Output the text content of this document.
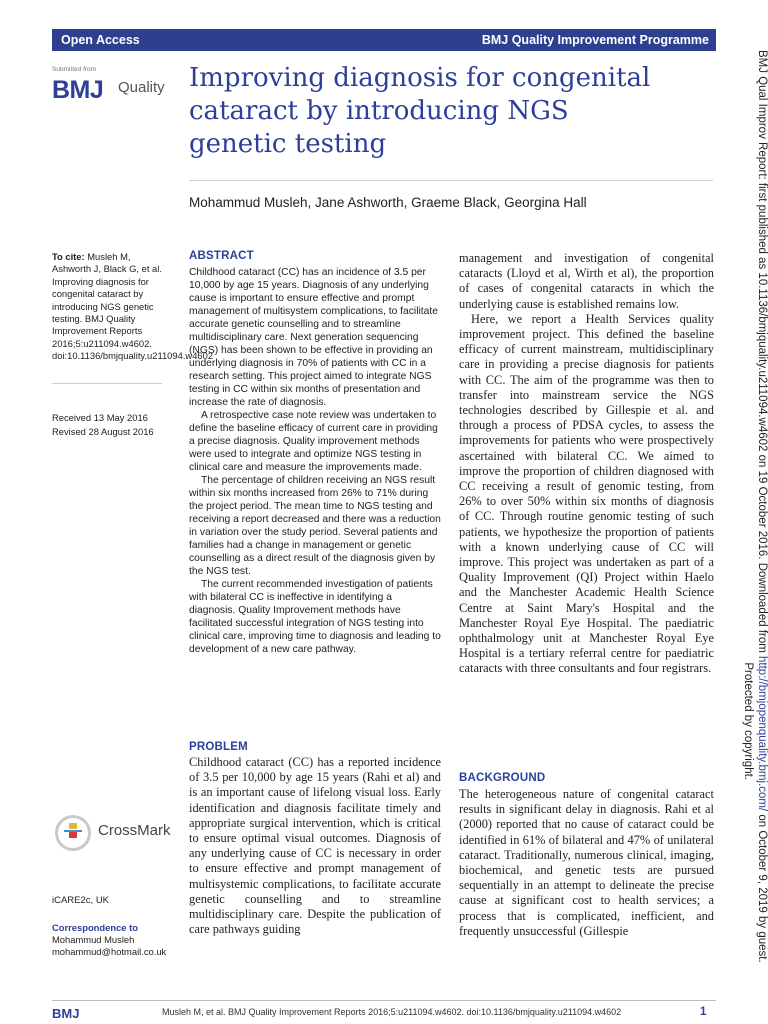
Open Access	BMJ Quality Improvement Programme
Submitted from
BMJ Quality Improving diagnosis for congenital cataract by introducing NGS genetic testing
Mohammud Musleh, Jane Ashworth, Graeme Black, Georgina Hall
To cite: Musleh M, Ashworth J, Black G, et al. Improving diagnosis for congenital cataract by introducing NGS genetic testing. BMJ Quality Improvement Reports 2016;5:u211094.w4602. doi:10.1136/bmjquality.u211094.w4602
Received 13 May 2016
Revised 28 August 2016
CrossMark
iCARE2c, UK
Correspondence to
Mohammud Musleh
mohammud@hotmail.co.uk
ABSTRACT

Childhood cataract (CC) has an incidence of 3.5 per 10,000 by age 15 years. Diagnosis of any underlying cause is important to ensure effective and prompt management of multisystem complications, to facilitate accurate genetic counselling and to streamline multidisciplinary care. Next generation sequencing (NGS) has been shown to be effective in providing an underlying diagnosis in 70% of patients with CC in a research setting. This project aimed to integrate NGS testing in CC within six months of presentation and increase the rate of diagnosis.

A retrospective case note review was undertaken to define the baseline efficacy of current care in providing a precise diagnosis. Quality improvement methods were used to integrate and optimize NGS testing in clinical care and measure the improvements made.

The percentage of children receiving an NGS result within six months increased from 26% to 71% during the project period. The mean time to NGS testing and receiving a report decreased and there was a reduction in variation over the study period. Several patients and families had a change in management or genetic counselling as a direct result of the diagnosis given by the NGS test.

The current recommended investigation of patients with bilateral CC is ineffective in identifying a diagnosis. Quality Improvement methods have facilitated successful integration of NGS testing into clinical care, improving time to diagnosis and leading to development of a new care pathway.

PROBLEM

Childhood cataract (CC) has a reported incidence of 3.5 per 10,000 by age 15 years (Rahi et al) and is an important cause of lifelong visual loss. Early identification and diagnosis facilitate timely and appropriate surgical intervention, which is critical to ensure optimal visual outcomes. Diagnosis of any underlying cause of CC is necessary in order to ensure effective and prompt management of multisystemic complications, to facilitate accurate genetic counselling and to streamline multidisciplinary care. Despite the publication of care pathways guiding

management and investigation of congenital cataracts (Lloyd et al, Wirth et al), the proportion of cases of congenital cataracts in which the underlying cause is established remains low.

Here, we report a Health Services quality improvement project. This defined the baseline efficacy of current mainstream, multidisciplinary care in providing a precise diagnosis for patients with CC. The aim of the programme was then to transfer into mainstream service the NGS technologies described by Gillespie et al. and through a process of PDSA cycles, to assess the improvements for patients who were prospectively ascertained with bilateral CC. We aimed to improve the proportion of children diagnosed with CC receiving a result of genomic testing, from 26% to over 50% within six months of diagnosis of CC. Through routine genomic testing of such patients, we hypothesize the proportion of patients with a known underlying cause of CC will improve. This project was undertaken as part of a Quality Improvement (QI) Project within Haelo and the Manchester Academic Health Science Centre at Saint Mary's Hospital and the Manchester Royal Eye Hospital. The paediatric ophthalmology unit at Manchester Royal Eye Hospital is a tertiary referral centre for paediatric cataracts with three consultants and four registrars.

BACKGROUND

The heterogeneous nature of congenital cataract results in significant delay in diagnosis. Rahi et al (2000) reported that no cause of cataract could be identified in 61% of bilateral and 47% of unilateral cataract. Traditionally, numerous clinical, imaging, biochemical, and genetic tests are pursued sequentially in an attempt to delineate the precise cause at significant cost to health services; a process that is complicated, inefficient, and frequently unsuccessful (Gillespie

BMJ	Musleh M, et al. BMJ Quality Improvement Reports 2016;5:u211094.w4602. doi:10.1136/bmjquality.u211094.w4602	1
BMJ Qual Improv Report: first published as 10.1136/bmjquality.u211094.w4602 on 19 October 2016. Downloaded from http://bmjopenquality.bmj.com/ on October 9, 2019 by guest.
Protected by copyright.
